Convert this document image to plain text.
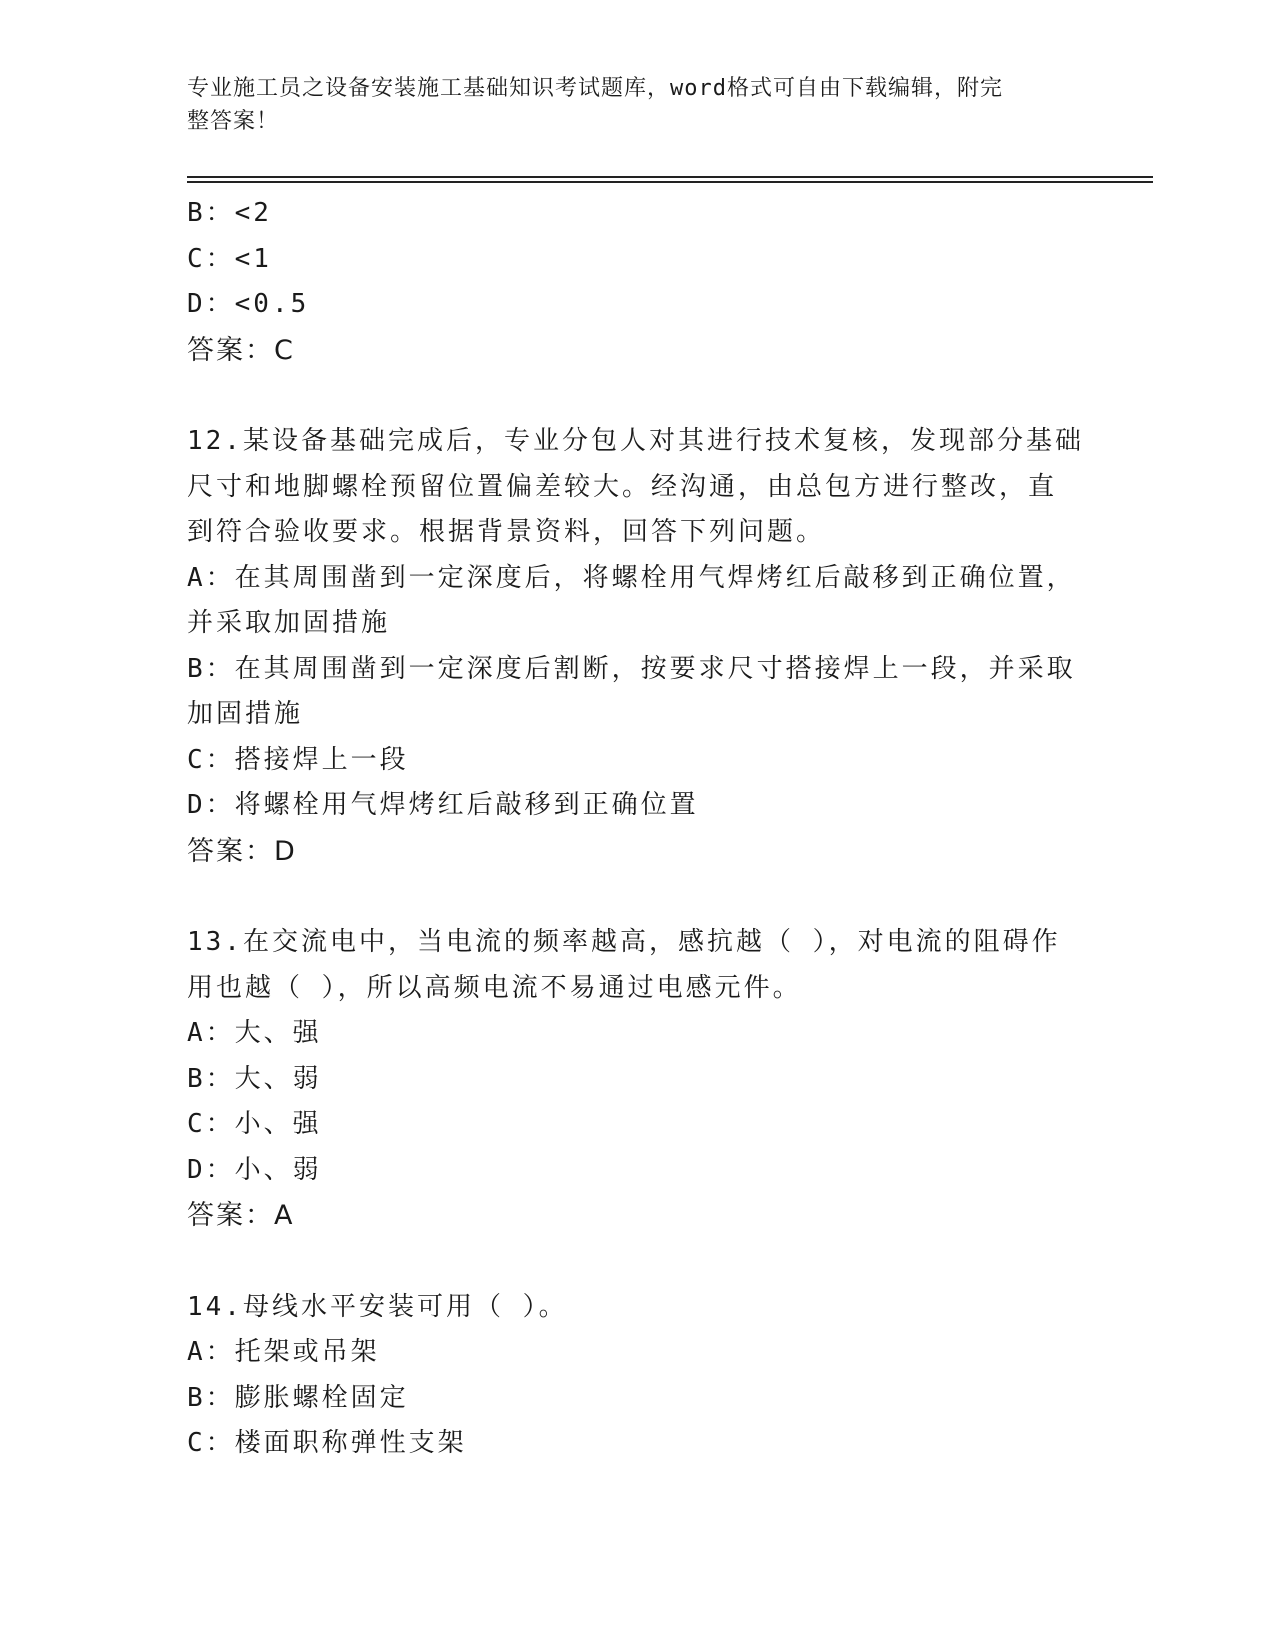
专业施工员之设备安装施工基础知识考试题库，word格式可自由下载编辑，附完
整答案！
B：<2
C：<1
D：<0.5
答案：C
12.某设备基础完成后，专业分包人对其进行技术复核，发现部分基础
尺寸和地脚螺栓预留位置偏差较大。经沟通，由总包方进行整改，直
到符合验收要求。根据背景资料，回答下列问题。
A：在其周围凿到一定深度后，将螺栓用气焊烤红后敲移到正确位置，
并采取加固措施
B：在其周围凿到一定深度后割断，按要求尺寸搭接焊上一段，并采取
加固措施
C：搭接焊上一段
D：将螺栓用气焊烤红后敲移到正确位置
答案：D
13.在交流电中，当电流的频率越高，感抗越（ ），对电流的阻碍作
用也越（ ），所以高频电流不易通过电感元件。
A：大、强
B：大、弱
C：小、强
D：小、弱
答案：A
14.母线水平安装可用（ ）。
A：托架或吊架
B：膨胀螺栓固定
C：楼面职称弹性支架
